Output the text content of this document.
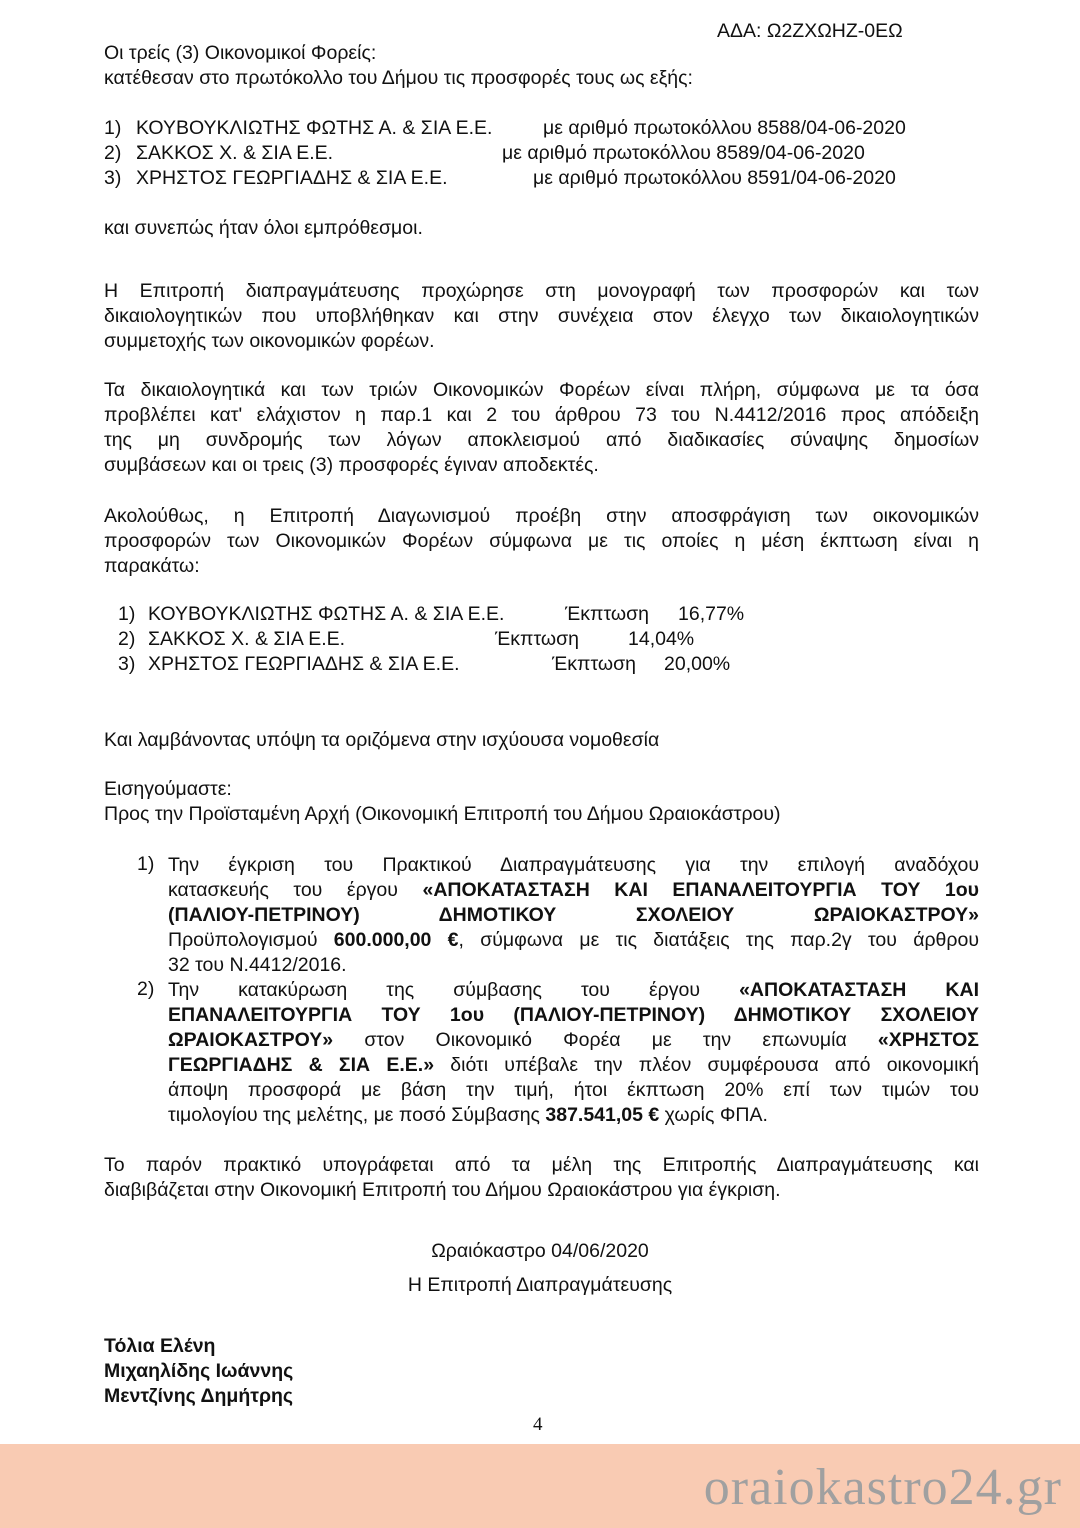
ΑΔΑ: Ω2ΖΧΩΗΖ-0ΕΩ
Οι τρείς (3) Οικονομικοί Φορείς:
κατέθεσαν στο πρωτόκολλο του Δήμου τις προσφορές τους ως εξής:
1) ΚΟΥΒΟΥΚΛΙΩΤΗΣ ΦΩΤΗΣ Α. & ΣΙΑ Ε.Ε.	με αριθμό πρωτοκόλλου 8588/04-06-2020
2) ΣΑΚΚΟΣ Χ. & ΣΙΑ Ε.Ε.	με αριθμό πρωτοκόλλου 8589/04-06-2020
3) ΧΡΗΣΤΟΣ ΓΕΩΡΓΙΑΔΗΣ & ΣΙΑ Ε.Ε.	με αριθμό πρωτοκόλλου 8591/04-06-2020
και συνεπώς ήταν όλοι εμπρόθεσμοι.
Η Επιτροπή διαπραγμάτευσης προχώρησε στη μονογραφή των προσφορών και των
δικαιολογητικών που υποβλήθηκαν και στην συνέχεια στον έλεγχο των δικαιολογητικών
συμμετοχής των οικονομικών φορέων.
Τα δικαιολογητικά και των τριών Οικονομικών Φορέων είναι πλήρη, σύμφωνα με τα όσα
προβλέπει κατ' ελάχιστον η παρ.1 και 2 του άρθρου 73 του Ν.4412/2016 προς απόδειξη
της μη συνδρομής των λόγων αποκλεισμού από διαδικασίες σύναψης δημοσίων
συμβάσεων και οι τρεις (3) προσφορές έγιναν αποδεκτές.
Ακολούθως, η Επιτροπή Διαγωνισμού προέβη στην αποσφράγιση των οικονομικών
προσφορών των Οικονομικών Φορέων σύμφωνα με τις οποίες η μέση έκπτωση είναι η
παρακάτω:
1) ΚΟΥΒΟΥΚΛΙΩΤΗΣ ΦΩΤΗΣ Α. & ΣΙΑ Ε.Ε.	Έκπτωση 16,77%
2) ΣΑΚΚΟΣ Χ. & ΣΙΑ Ε.Ε.	Έκπτωση	14,04%
3) ΧΡΗΣΤΟΣ ΓΕΩΡΓΙΑΔΗΣ & ΣΙΑ Ε.Ε.	Έκπτωση 20,00%
Και λαμβάνοντας υπόψη τα οριζόμενα στην ισχύουσα νομοθεσία
Εισηγούμαστε:
Προς την Προϊσταμένη Αρχή (Οικονομική Επιτροπή του Δήμου Ωραιοκάστρου)
1) Την έγκριση του Πρακτικού Διαπραγμάτευσης για την επιλογή αναδόχου
κατασκευής του έργου «ΑΠΟΚΑΤΑΣΤΑΣΗ ΚΑΙ ΕΠΑΝΑΛΕΙΤΟΥΡΓΙΑ ΤΟΥ 1ου
(ΠΑΛΙΟΥ-ΠΕΤΡΙΝΟΥ) ΔΗΜΟΤΙΚΟΥ ΣΧΟΛΕΙΟΥ ΩΡΑΙΟΚΑΣΤΡΟΥ»
Προϋπολογισμού 600.000,00 €, σύμφωνα με τις διατάξεις της παρ.2γ του άρθρου
32 του Ν.4412/2016.
2) Την κατακύρωση της σύμβασης του έργου «ΑΠΟΚΑΤΑΣΤΑΣΗ ΚΑΙ
ΕΠΑΝΑΛΕΙΤΟΥΡΓΙΑ ΤΟΥ 1ου (ΠΑΛΙΟΥ-ΠΕΤΡΙΝΟΥ) ΔΗΜΟΤΙΚΟΥ ΣΧΟΛΕΙΟΥ
ΩΡΑΙΟΚΑΣΤΡΟΥ» στον Οικονομικό Φορέα με την επωνυμία «ΧΡΗΣΤΟΣ
ΓΕΩΡΓΙΑΔΗΣ & ΣΙΑ Ε.Ε.» διότι υπέβαλε την πλέον συμφέρουσα από οικονομική
άποψη προσφορά με βάση την τιμή, ήτοι έκπτωση 20% επί των τιμών του
τιμολογίου της μελέτης, με ποσό Σύμβασης 387.541,05 € χωρίς ΦΠΑ.
Το παρόν πρακτικό υπογράφεται από τα μέλη της Επιτροπής Διαπραγμάτευσης και
διαβιβάζεται στην Οικονομική Επιτροπή του Δήμου Ωραιοκάστρου για έγκριση.
Ωραιόκαστρο 04/06/2020
Η Επιτροπή Διαπραγμάτευσης
Τόλια Ελένη
Μιχαηλίδης Ιωάννης
Μεντζίνης Δημήτρης
4
oraiokastro24.gr
